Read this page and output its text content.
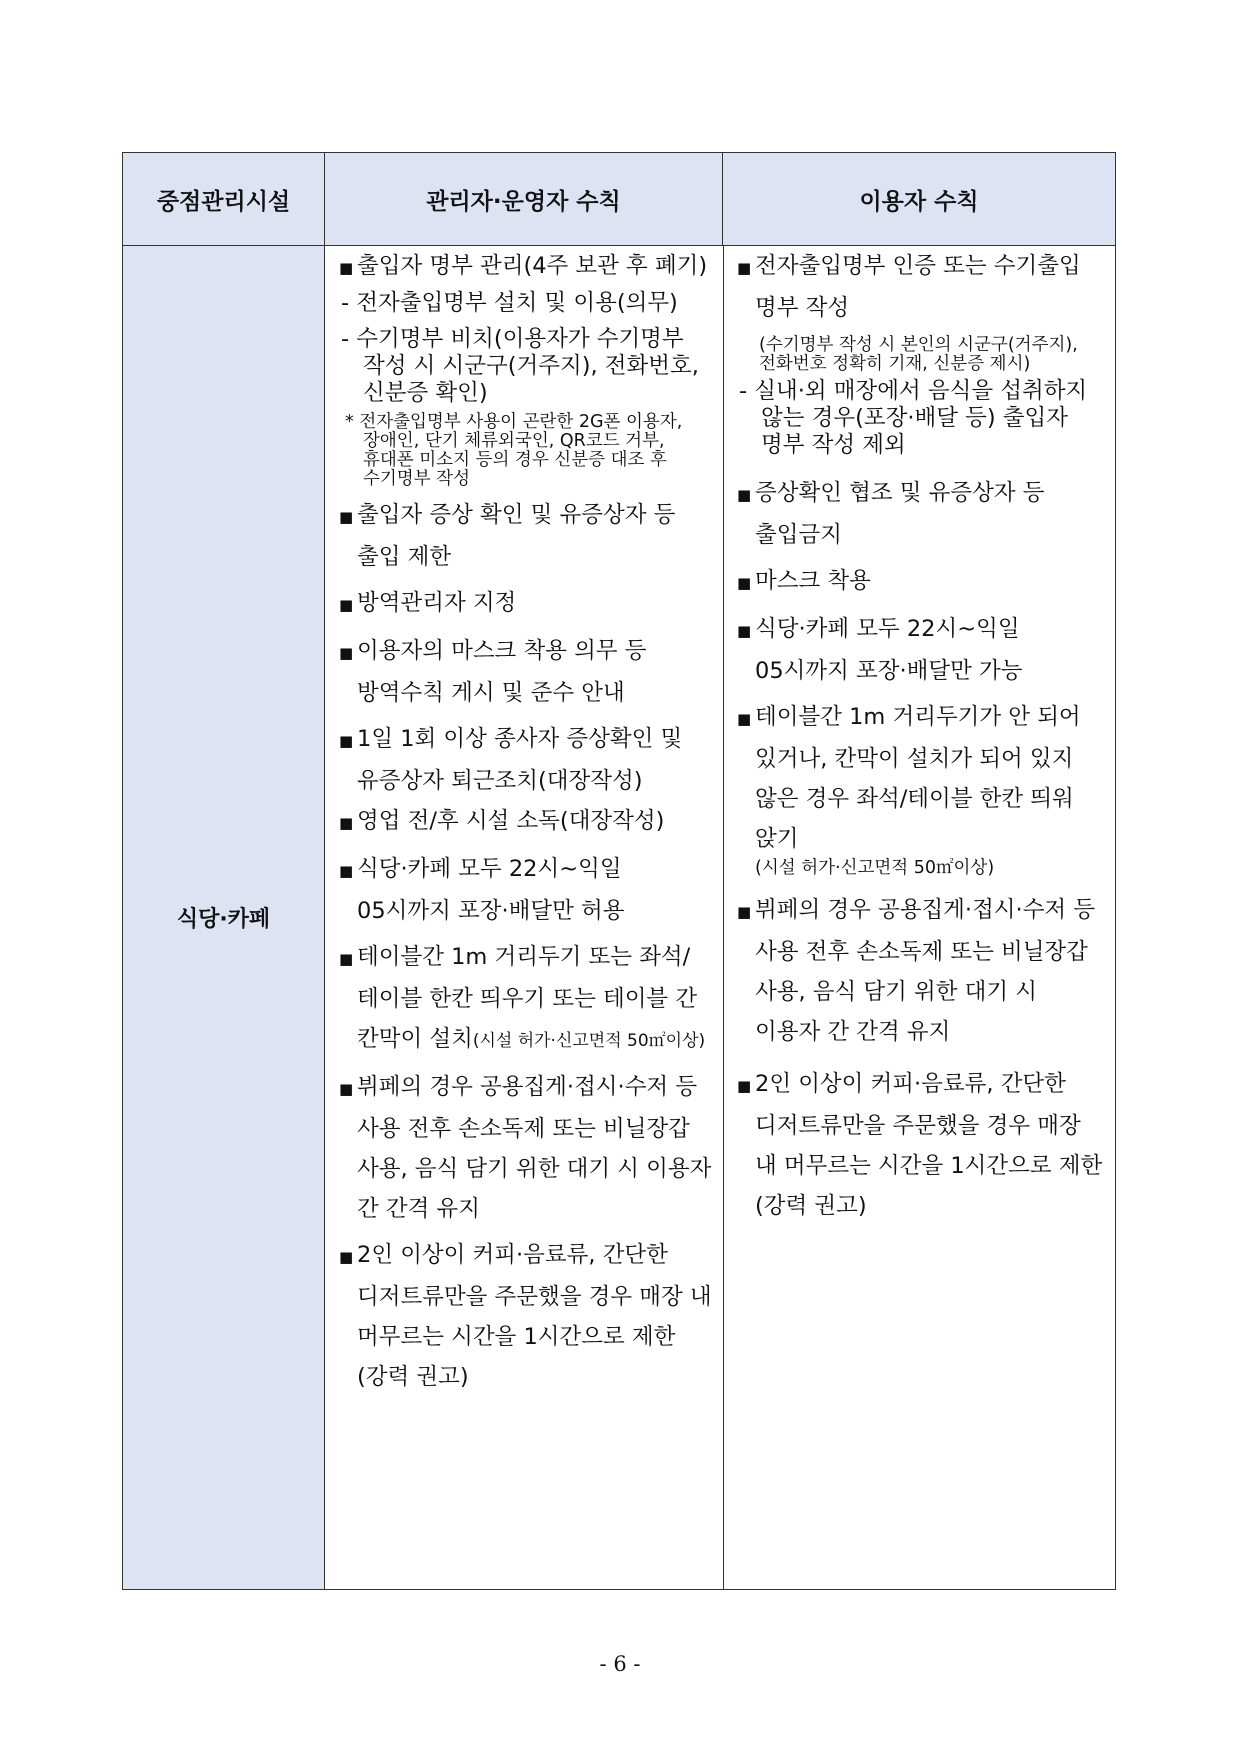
중점관리시설	관리자·운영자 수칙	이용자 수칙
식당·카페
■ 출입자 명부 관리(4주 보관 후 폐기)
- 전자출입명부 설치 및 이용(의무)
- 수기명부 비치(이용자가 수기명부 작성 시 시군구(거주지), 전화번호, 신분증 확인)
* 전자출입명부 사용이 곤란한 2G폰 이용자, 장애인, 단기 체류외국인, QR코드 거부, 휴대폰 미소지 등의 경우 신분증 대조 후 수기명부 작성
■ 출입자 증상 확인 및 유증상자 등 출입 제한
■ 방역관리자 지정
■ 이용자의 마스크 착용 의무 등 방역수칙 게시 및 준수 안내
■ 1일 1회 이상 종사자 증상확인 및 유증상자 퇴근조치(대장작성)
■ 영업 전/후 시설 소독(대장작성)
■ 식당·카페 모두 22시~익일 05시까지 포장·배달만 허용
■ 테이블간 1m 거리두기 또는 좌석/테이블 한칸 띄우기 또는 테이블 간 칸막이 설치(시설 허가·신고면적 50㎡이상)
■ 뷔페의 경우 공용집게·접시·수저 등 사용 전후 손소독제 또는 비닐장갑 사용, 음식 담기 위한 대기 시 이용자 간 간격 유지
■ 2인 이상이 커피·음료류, 간단한 디저트류만을 주문했을 경우 매장 내 머무르는 시간을 1시간으로 제한 (강력 권고)
■ 전자출입명부 인증 또는 수기출입 명부 작성
(수기명부 작성 시 본인의 시군구(거주지), 전화번호 정확히 기재, 신분증 제시)
- 실내·외 매장에서 음식을 섭취하지 않는 경우(포장·배달 등) 출입자 명부 작성 제외
■ 증상확인 협조 및 유증상자 등 출입금지
■ 마스크 착용
■ 식당·카페 모두 22시~익일 05시까지 포장·배달만 가능
■ 테이블간 1m 거리두기가 안 되어 있거나, 칸막이 설치가 되어 있지 않은 경우 좌석/테이블 한칸 띄워 앉기
(시설 허가·신고면적 50㎡이상)
■ 뷔페의 경우 공용집게·접시·수저 등 사용 전후 손소독제 또는 비닐장갑 사용, 음식 담기 위한 대기 시 이용자 간 간격 유지
■ 2인 이상이 커피·음료류, 간단한 디저트류만을 주문했을 경우 매장 내 머무르는 시간을 1시간으로 제한(강력 권고)
- 6 -
